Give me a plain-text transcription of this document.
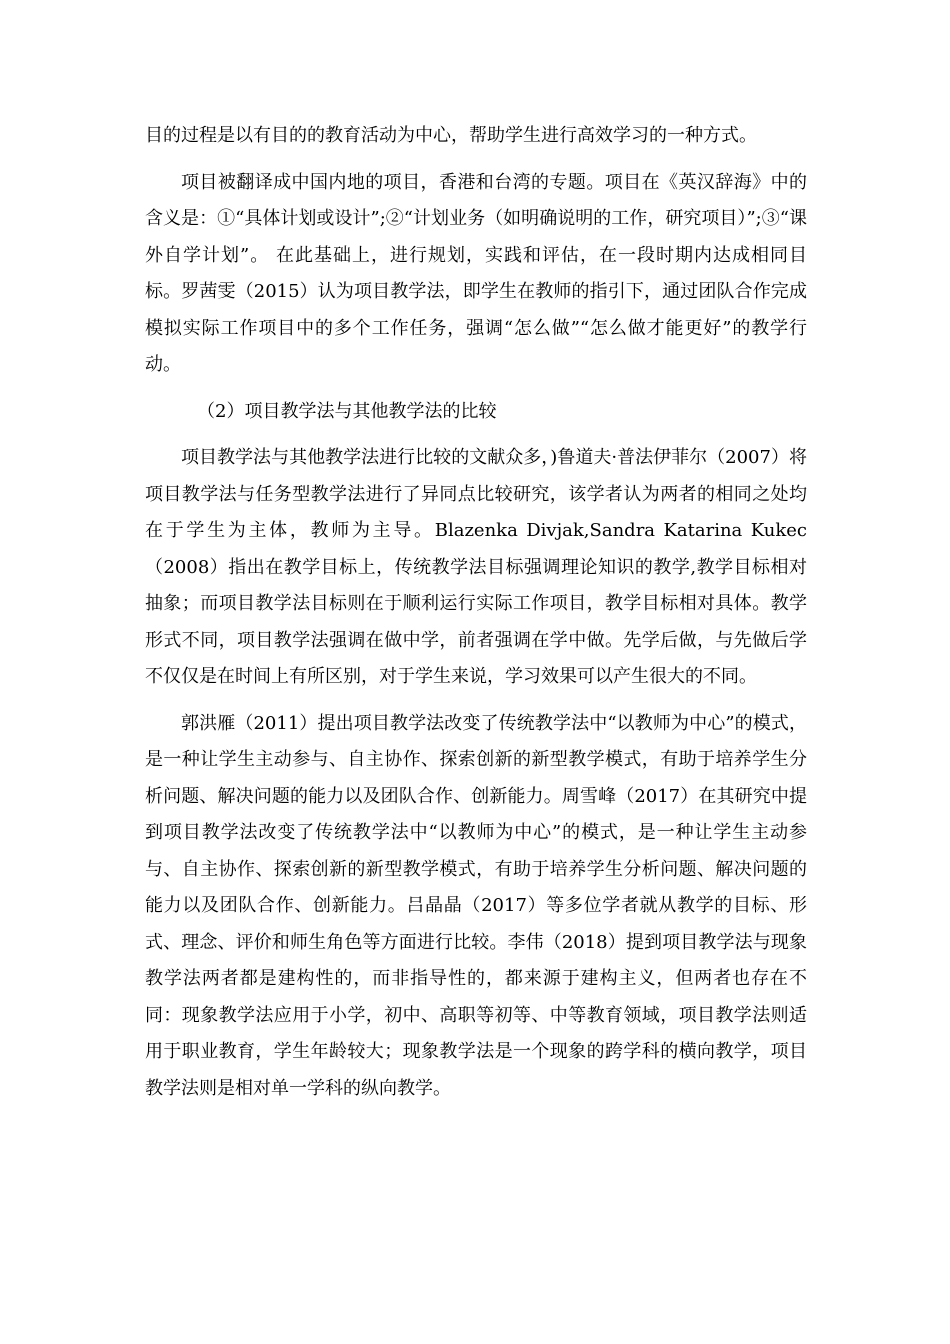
目的过程是以有目的的教育活动为中心，帮助学生进行高效学习的一种方式。

项目被翻译成中国内地的项目，香港和台湾的专题。项目在《英汉辞海》中的含义是：①“具体计划或设计”;②“计划业务（如明确说明的工作，研究项目）”;③“课外自学计划”。 在此基础上，进行规划，实践和评估，在一段时期内达成相同目标。罗茜雯（2015）认为项目教学法，即学生在教师的指引下，通过团队合作完成模拟实际工作项目中的多个工作任务，强调“怎么做”“怎么做才能更好”的教学行动。

（2）项目教学法与其他教学法的比较

项目教学法与其他教学法进行比较的文献众多，)鲁道夫·普法伊菲尔（2007）将项目教学法与任务型教学法进行了异同点比较研究，该学者认为两者的相同之处均在于学生为主体，教师为主导。Blazenka Divjak,Sandra Katarina Kukec（2008）指出在教学目标上，传统教学法目标强调理论知识的教学,教学目标相对抽象；而项目教学法目标则在于顺利运行实际工作项目，教学目标相对具体。教学形式不同，项目教学法强调在做中学，前者强调在学中做。先学后做，与先做后学不仅仅是在时间上有所区别，对于学生来说，学习效果可以产生很大的不同。

郭洪雁（2011）提出项目教学法改变了传统教学法中“以教师为中心”的模式，是一种让学生主动参与、自主协作、探索创新的新型教学模式，有助于培养学生分析问题、解决问题的能力以及团队合作、创新能力。周雪峰（2017）在其研究中提到项目教学法改变了传统教学法中“以教师为中心”的模式，是一种让学生主动参与、自主协作、探索创新的新型教学模式，有助于培养学生分析问题、解决问题的能力以及团队合作、创新能力。吕晶晶（2017）等多位学者就从教学的目标、形式、理念、评价和师生角色等方面进行比较。李伟（2018）提到项目教学法与现象教学法两者都是建构性的，而非指导性的，都来源于建构主义，但两者也存在不同：现象教学法应用于小学，初中、高职等初等、中等教育领域，项目教学法则适用于职业教育，学生年龄较大；现象教学法是一个现象的跨学科的横向教学，项目教学法则是相对单一学科的纵向教学。
